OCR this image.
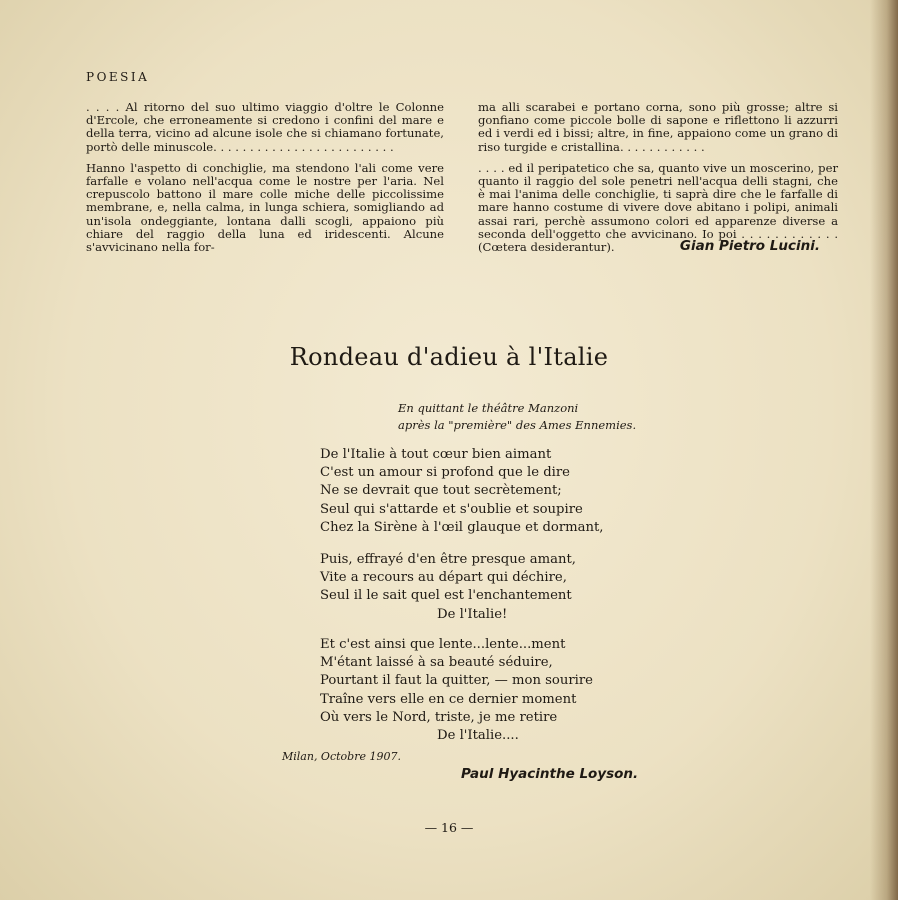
POESIA

. . . . Al ritorno del suo ultimo viaggio d'oltre le Colonne d'Ercole, che erroneamente si credono i confini del mare e della terra, vicino ad alcune isole che si chiamano fortunate, portò delle minuscole. . . . . . . . . . . . . . . . . . . . . . . . .

Hanno l'aspetto di conchiglie, ma stendono l'ali come vere farfalle e volano nell'acqua come le nostre per l'aria. Nel crepuscolo battono il mare colle miche delle piccolissime membrane, e, nella calma, in lunga schiera, somigliando ad un'isola ondeggiante, lontana dalli scogli, appaiono più chiare del raggio della luna ed iridescenti. Alcune s'avvicinano nella for-

ma alli scarabei e portano corna, sono più grosse; altre si gonfiano come piccole bolle di sapone e riflettono li azzurri ed i verdi ed i bissi; altre, in fine, appaiono come un grano di riso turgide e cristallina. . . . . . . . . . . .

. . . . ed il peripatetico che sa, quanto vive un moscerino, per quanto il raggio del sole penetri nell'acqua delli stagni, che è mai l'anima delle conchiglie, ti saprà dire che le farfalle di mare hanno costume di vivere dove abitano i polipi, animali assai rari, perchè assumono colori ed apparenze diverse a seconda dell'oggetto che avvicinano. Io poi . . . . . . . . . . . . (Cœtera desiderantur).	Gian Pietro Lucini.
Rondeau d'adieu à l'Italie
En quittant le théâtre Manzoni
après la "première" des Ames Ennemies.
De l'Italie à tout cœur bien aimant
C'est un amour si profond que le dire
Ne se devrait que tout secrètement;
Seul qui s'attarde et s'oublie et soupire
Chez la Sirène à l'œil glauque et dormant,
Puis, effrayé d'en être presque amant,
Vite a recours au départ qui déchire,
Seul il le sait quel est l'enchantement
De l'Italie!
Et c'est ainsi que lente...lente...ment
M'étant laissé à sa beauté séduire,
Pourtant il faut la quitter, — mon sourire
Traîne vers elle en ce dernier moment
Où vers le Nord, triste, je me retire
De l'Italie....
Milan, Octobre 1907.
Paul Hyacinthe Loyson.
— 16 —
